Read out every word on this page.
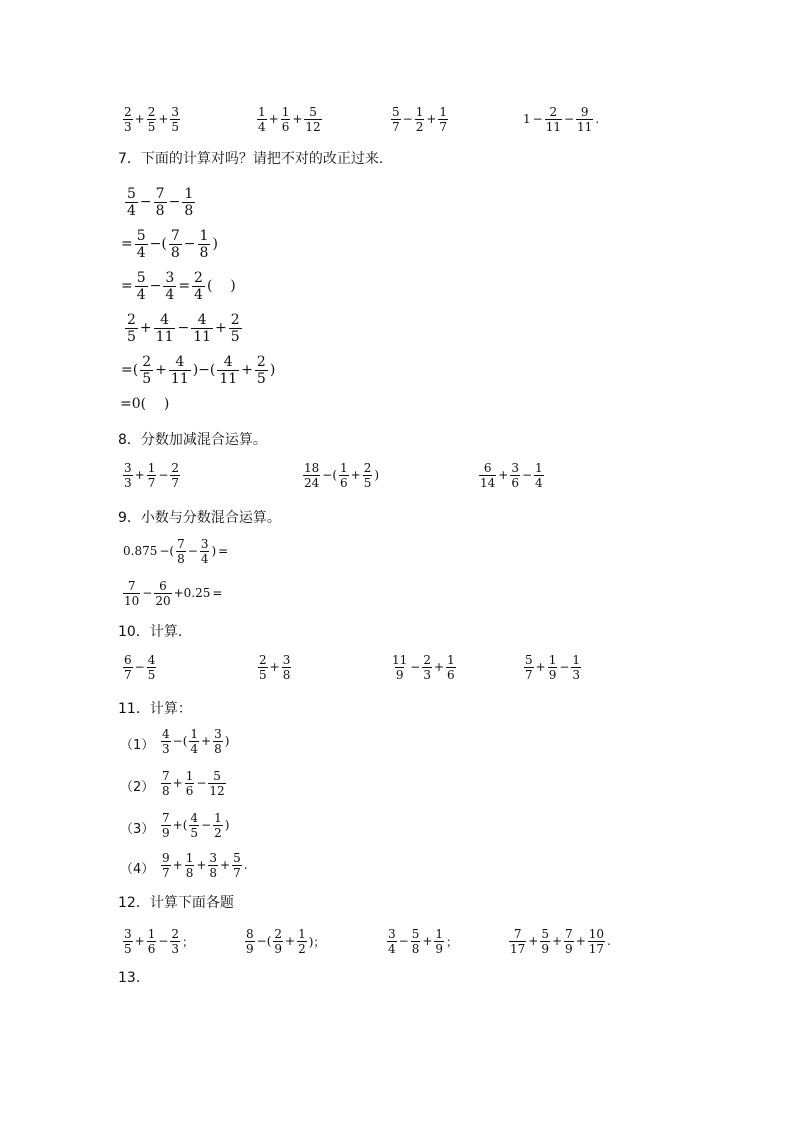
$\frac{2}{3} + \frac{2}{5} + \frac{3}{5}$	$\frac{1}{4} + \frac{1}{6} + \frac{5}{12}$	$\frac{5}{7} - \frac{1}{2} + \frac{1}{7}$	$1 - \frac{2}{11} - \frac{9}{11}$ .
7．下面的计算对吗？请把不对的改正过来.
$\frac{5}{4} - \frac{7}{8} - \frac{1}{8}$
= $\frac{5}{4}$ −( $\frac{7}{8} - \frac{1}{8}$ )
= $\frac{5}{4} - \frac{3}{4} = \frac{2}{4}$ (    )
$\frac{2}{5} + \frac{4}{11} - \frac{4}{11} + \frac{2}{5}$
=( $\frac{2}{5} + \frac{4}{11}$ )−( $\frac{4}{11} + \frac{2}{5}$ )
=0(    )
8．分数加减混合运算。
$\frac{3}{3} + \frac{1}{7} - \frac{2}{7}$	$\frac{18}{24}$ −( $\frac{1}{6} + \frac{2}{5}$ )	$\frac{6}{14} + \frac{3}{6} - \frac{1}{4}$
9．小数与分数混合运算。
0.875 −( $\frac{7}{8} - \frac{3}{4}$ ) =
$\frac{7}{10} - \frac{6}{20} +0.25$ =
10．计算.
$\frac{6}{7} - \frac{4}{5}$	$\frac{2}{5} + \frac{3}{8}$	$\frac{11}{9} - \frac{2}{3} + \frac{1}{6}$	$\frac{5}{7} + \frac{1}{9} - \frac{1}{3}$
11．计算：
$(1) \frac{4}{3}$ −( $\frac{1}{4} + \frac{3}{8}$ )
$(2) \frac{7}{8} + \frac{1}{6} - \frac{5}{12}$
$(3) \frac{7}{9}$ +( $\frac{4}{5} - \frac{1}{2}$ )
$(4) \frac{9}{7} + \frac{1}{8} + \frac{3}{8} + \frac{5}{7}$ .
12．计算下面各题
$\frac{3}{5} + \frac{1}{6} - \frac{2}{3}$ ；	$\frac{8}{9}$ −( $\frac{2}{9} + \frac{1}{2}$ )；	$\frac{3}{4} - \frac{5}{8} + \frac{1}{9}$ ；	$\frac{7}{17} + \frac{5}{9} + \frac{7}{9} + \frac{10}{17}$ .
13.
